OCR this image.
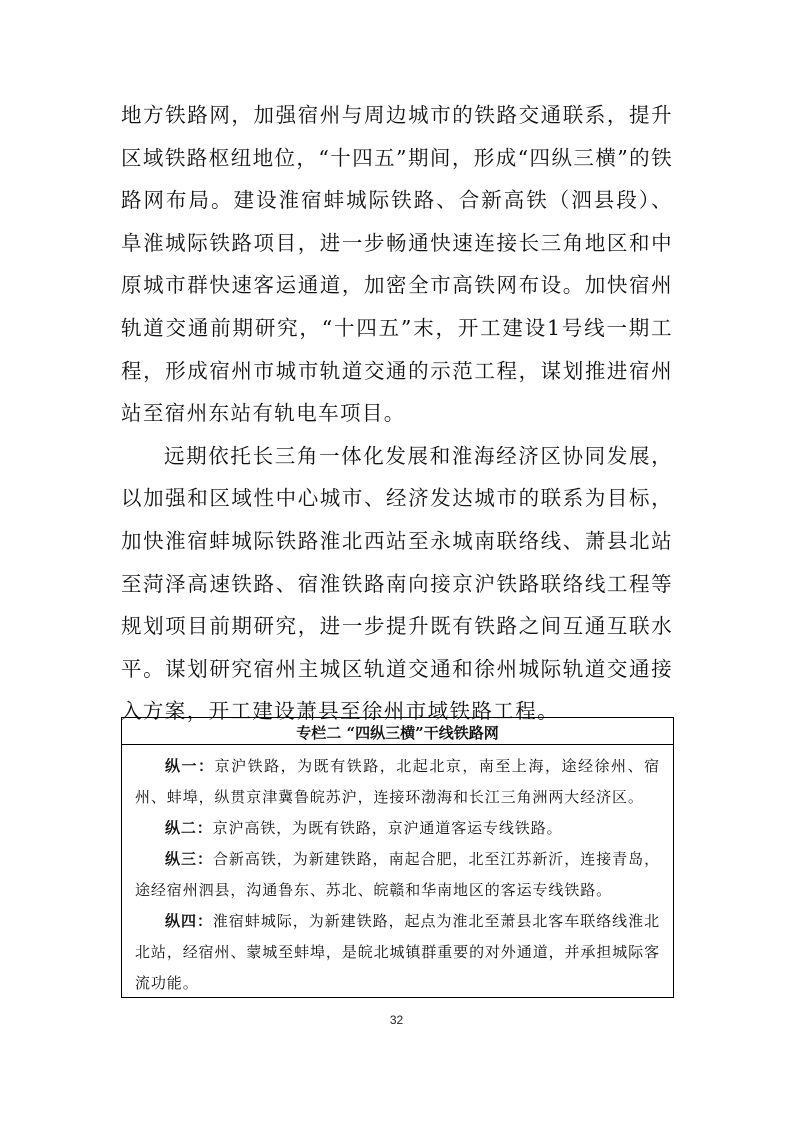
地方铁路网，加强宿州与周边城市的铁路交通联系，提升区域铁路枢纽地位，“十四五”期间，形成“四纵三横”的铁路网布局。建设淮宿蚌城际铁路、合新高铁（泗县段）、阜淮城际铁路项目，进一步畅通快速连接长三角地区和中原城市群快速客运通道，加密全市高铁网布设。加快宿州轨道交通前期研究，“十四五”末，开工建设1号线一期工程，形成宿州市城市轨道交通的示范工程，谋划推进宿州站至宿州东站有轨电车项目。

远期依托长三角一体化发展和淮海经济区协同发展，以加强和区域性中心城市、经济发达城市的联系为目标，加快淮宿蚌城际铁路淮北西站至永城南联络线、萧县北站至菏泽高速铁路、宿淮铁路南向接京沪铁路联络线工程等规划项目前期研究，进一步提升既有铁路之间互通互联水平。谋划研究宿州主城区轨道交通和徐州城际轨道交通接入方案，开工建设萧县至徐州市域铁路工程。

专栏二 “四纵三横”干线铁路网

纵一：京沪铁路，为既有铁路，北起北京，南至上海，途经徐州、宿州、蚌埠，纵贯京津冀鲁皖苏沪，连接环渤海和长江三角洲两大经济区。

纵二：京沪高铁，为既有铁路，京沪通道客运专线铁路。

纵三：合新高铁，为新建铁路，南起合肥，北至江苏新沂，连接青岛，途经宿州泗县，沟通鲁东、苏北、皖赣和华南地区的客运专线铁路。

纵四：淮宿蚌城际，为新建铁路，起点为淮北至萧县北客车联络线淮北北站，经宿州、蒙城至蚌埠，是皖北城镇群重要的对外通道，并承担城际客流功能。

32
